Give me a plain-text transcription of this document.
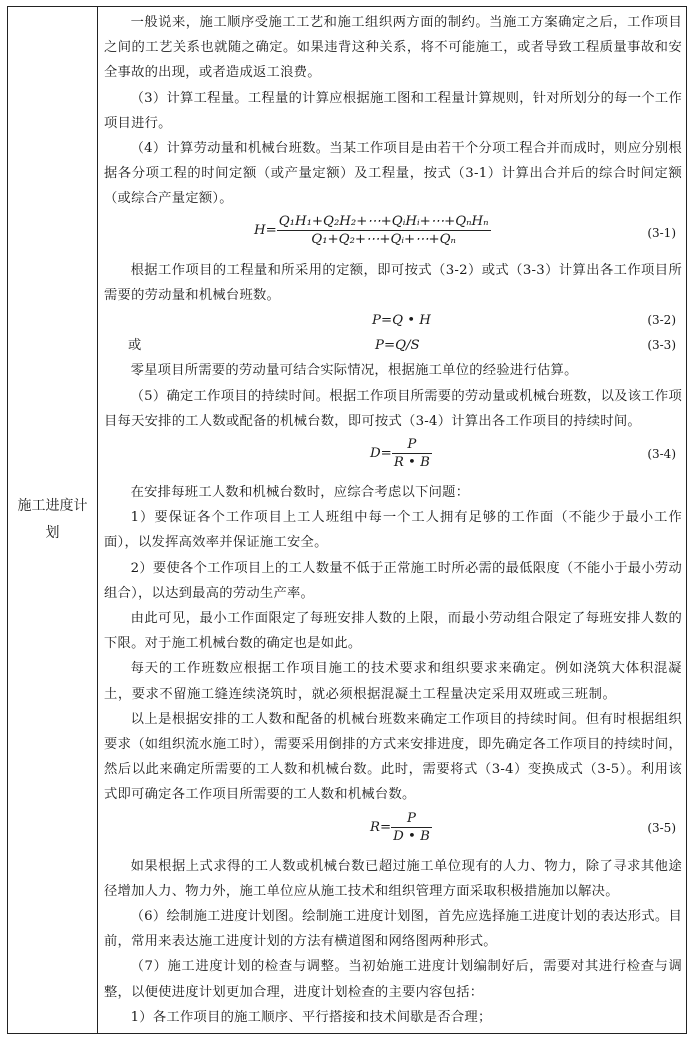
施工进度计划

一般说来，施工顺序受施工工艺和施工组织两方面的制约。当施工方案确定之后，工作项目之间的工艺关系也就随之确定。如果违背这种关系，将不可能施工，或者导致工程质量事故和安全事故的出现，或者造成返工浪费。

（3）计算工程量。工程量的计算应根据施工图和工程量计算规则，针对所划分的每一个工作项目进行。

（4）计算劳动量和机械台班数。当某工作项目是由若干个分项工程合并而成时，则应分别根据各分项工程的时间定额（或产量定额）及工程量，按式（3-1）计算出合并后的综合时间定额（或综合产量定额）。

$H= \frac{\text{Q₁H₁+Q₂H₂+⋯+QᵢHᵢ+⋯+QₙHₙ}}{\text{Q₁+Q₂+⋯+Qᵢ+⋯+Qₙ}}$	(3-1)

根据工作项目的工程量和所采用的定额，即可按式（3-2）或式（3-3）计算出各工作项目所需要的劳动量和机械台班数。

P=Q • H	(3-2)
或	P=Q/S	(3-3)

零星项目所需要的劳动量可结合实际情况，根据施工单位的经验进行估算。

（5）确定工作项目的持续时间。根据工作项目所需要的劳动量或机械台班数，以及该工作项目每天安排的工人数或配备的机械台数，即可按式（3-4）计算出各工作项目的持续时间。

$D= \frac{P}{R • B}$	(3-4)

在安排每班工人数和机械台数时，应综合考虑以下问题：

1）要保证各个工作项目上工人班组中每一个工人拥有足够的工作面（不能少于最小工作面），以发挥高效率并保证施工安全。

2）要使各个工作项目上的工人数量不低于正常施工时所必需的最低限度（不能小于最小劳动组合），以达到最高的劳动生产率。

由此可见，最小工作面限定了每班安排人数的上限，而最小劳动组合限定了每班安排人数的下限。对于施工机械台数的确定也是如此。

每天的工作班数应根据工作项目施工的技术要求和组织要求来确定。例如浇筑大体积混凝土，要求不留施工缝连续浇筑时，就必须根据混凝土工程量决定采用双班或三班制。

以上是根据安排的工人数和配备的机械台班数来确定工作项目的持续时间。但有时根据组织要求（如组织流水施工时），需要采用倒排的方式来安排进度，即先确定各工作项目的持续时间，然后以此来确定所需要的工人数和机械台数。此时，需要将式（3-4）变换成式（3-5）。利用该式即可确定各工作项目所需要的工人数和机械台数。

$R= \frac{P}{D • B}$	(3-5)

如果根据上式求得的工人数或机械台数已超过施工单位现有的人力、物力，除了寻求其他途径增加人力、物力外，施工单位应从施工技术和组织管理方面采取积极措施加以解决。

（6）绘制施工进度计划图。绘制施工进度计划图，首先应选择施工进度计划的表达形式。目前，常用来表达施工进度计划的方法有横道图和网络图两种形式。

（7）施工进度计划的检查与调整。当初始施工进度计划编制好后，需要对其进行检查与调整，以便使进度计划更加合理，进度计划检查的主要内容包括：

1）各工作项目的施工顺序、平行搭接和技术间歇是否合理；
